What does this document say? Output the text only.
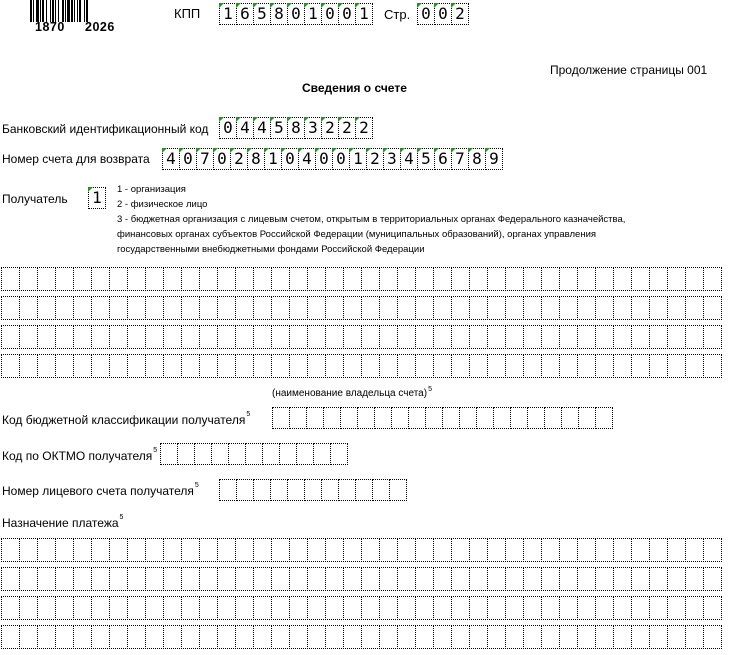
1870 2026
КПП 1 6 5 8 0 1 0 0 1	Стр. 0 0 2
Продолжение страницы 001
Сведения о счете
Банковский идентификационный код 0 4 4 5 8 3 2 2 2
Номер счета для возврата 4 0 7 0 2 8 1 0 4 0 0 1 2 3 4 5 6 7 8 9
Получатель 1	1 - организация
2 - физическое лицо
3 - бюджетная организация с лицевым счетом, открытым в территориальных органах Федерального казначейства,
финансовых органах субъектов Российской Федерации (муниципальных образований), органах управления
государственными внебюджетными фондами Российской Федерации
(наименование владельца счета)$^5$
Код бюджетной классификации получателя$^5$
Код по ОКТМО получателя$^5$
Номер лицевого счета получателя$^5$
Назначение платежа$^5$
